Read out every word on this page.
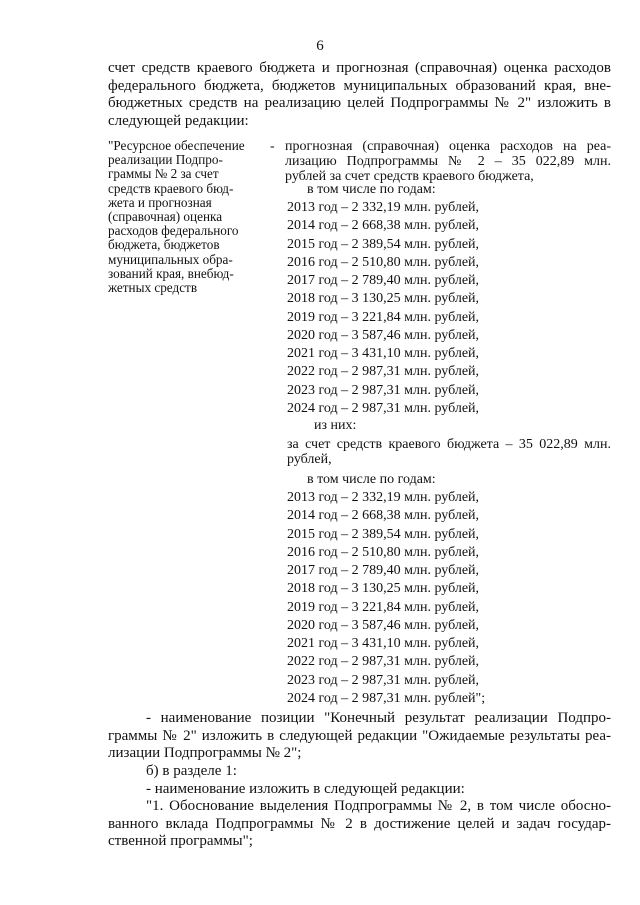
6
счет средств краевого бюджета и прогнозная (справочная) оценка расходов
федерального бюджета, бюджетов муниципальных образований края, вне-
бюджетных средств на реализацию целей Подпрограммы № 2" изложить в
следующей редакции:
"Ресурсное обеспечение
реализации Подпро-
граммы № 2 за счет
средств краевого бюд-
жета и прогнозная
(справочная) оценка
расходов федерального
бюджета, бюджетов
муниципальных обра-
зований края, внебюд-
жетных средств
- прогнозная (справочная) оценка расходов на реа-
лизацию Подпрограммы № 2 – 35 022,89 млн.
рублей за счет средств краевого бюджета,
в том числе по годам:
2013 год – 2 332,19 млн. рублей,
2014 год – 2 668,38 млн. рублей,
2015 год – 2 389,54 млн. рублей,
2016 год – 2 510,80 млн. рублей,
2017 год – 2 789,40 млн. рублей,
2018 год – 3 130,25 млн. рублей,
2019 год – 3 221,84 млн. рублей,
2020 год – 3 587,46 млн. рублей,
2021 год – 3 431,10 млн. рублей,
2022 год – 2 987,31 млн. рублей,
2023 год – 2 987,31 млн. рублей,
2024 год – 2 987,31 млн. рублей,
из них:
за счет средств краевого бюджета – 35 022,89 млн.
рублей,
в том числе по годам:
2013 год – 2 332,19 млн. рублей,
2014 год – 2 668,38 млн. рублей,
2015 год – 2 389,54 млн. рублей,
2016 год – 2 510,80 млн. рублей,
2017 год – 2 789,40 млн. рублей,
2018 год – 3 130,25 млн. рублей,
2019 год – 3 221,84 млн. рублей,
2020 год – 3 587,46 млн. рублей,
2021 год – 3 431,10 млн. рублей,
2022 год – 2 987,31 млн. рублей,
2023 год – 2 987,31 млн. рублей,
2024 год – 2 987,31 млн. рублей";
- наименование позиции "Конечный результат реализации Подпро-
граммы № 2" изложить в следующей редакции "Ожидаемые результаты реа-
лизации Подпрограммы № 2";
б) в разделе 1:
- наименование изложить в следующей редакции:
"1. Обоснование выделения Подпрограммы № 2, в том числе обосно-
ванного вклада Подпрограммы № 2 в достижение целей и задач государ-
ственной программы";
